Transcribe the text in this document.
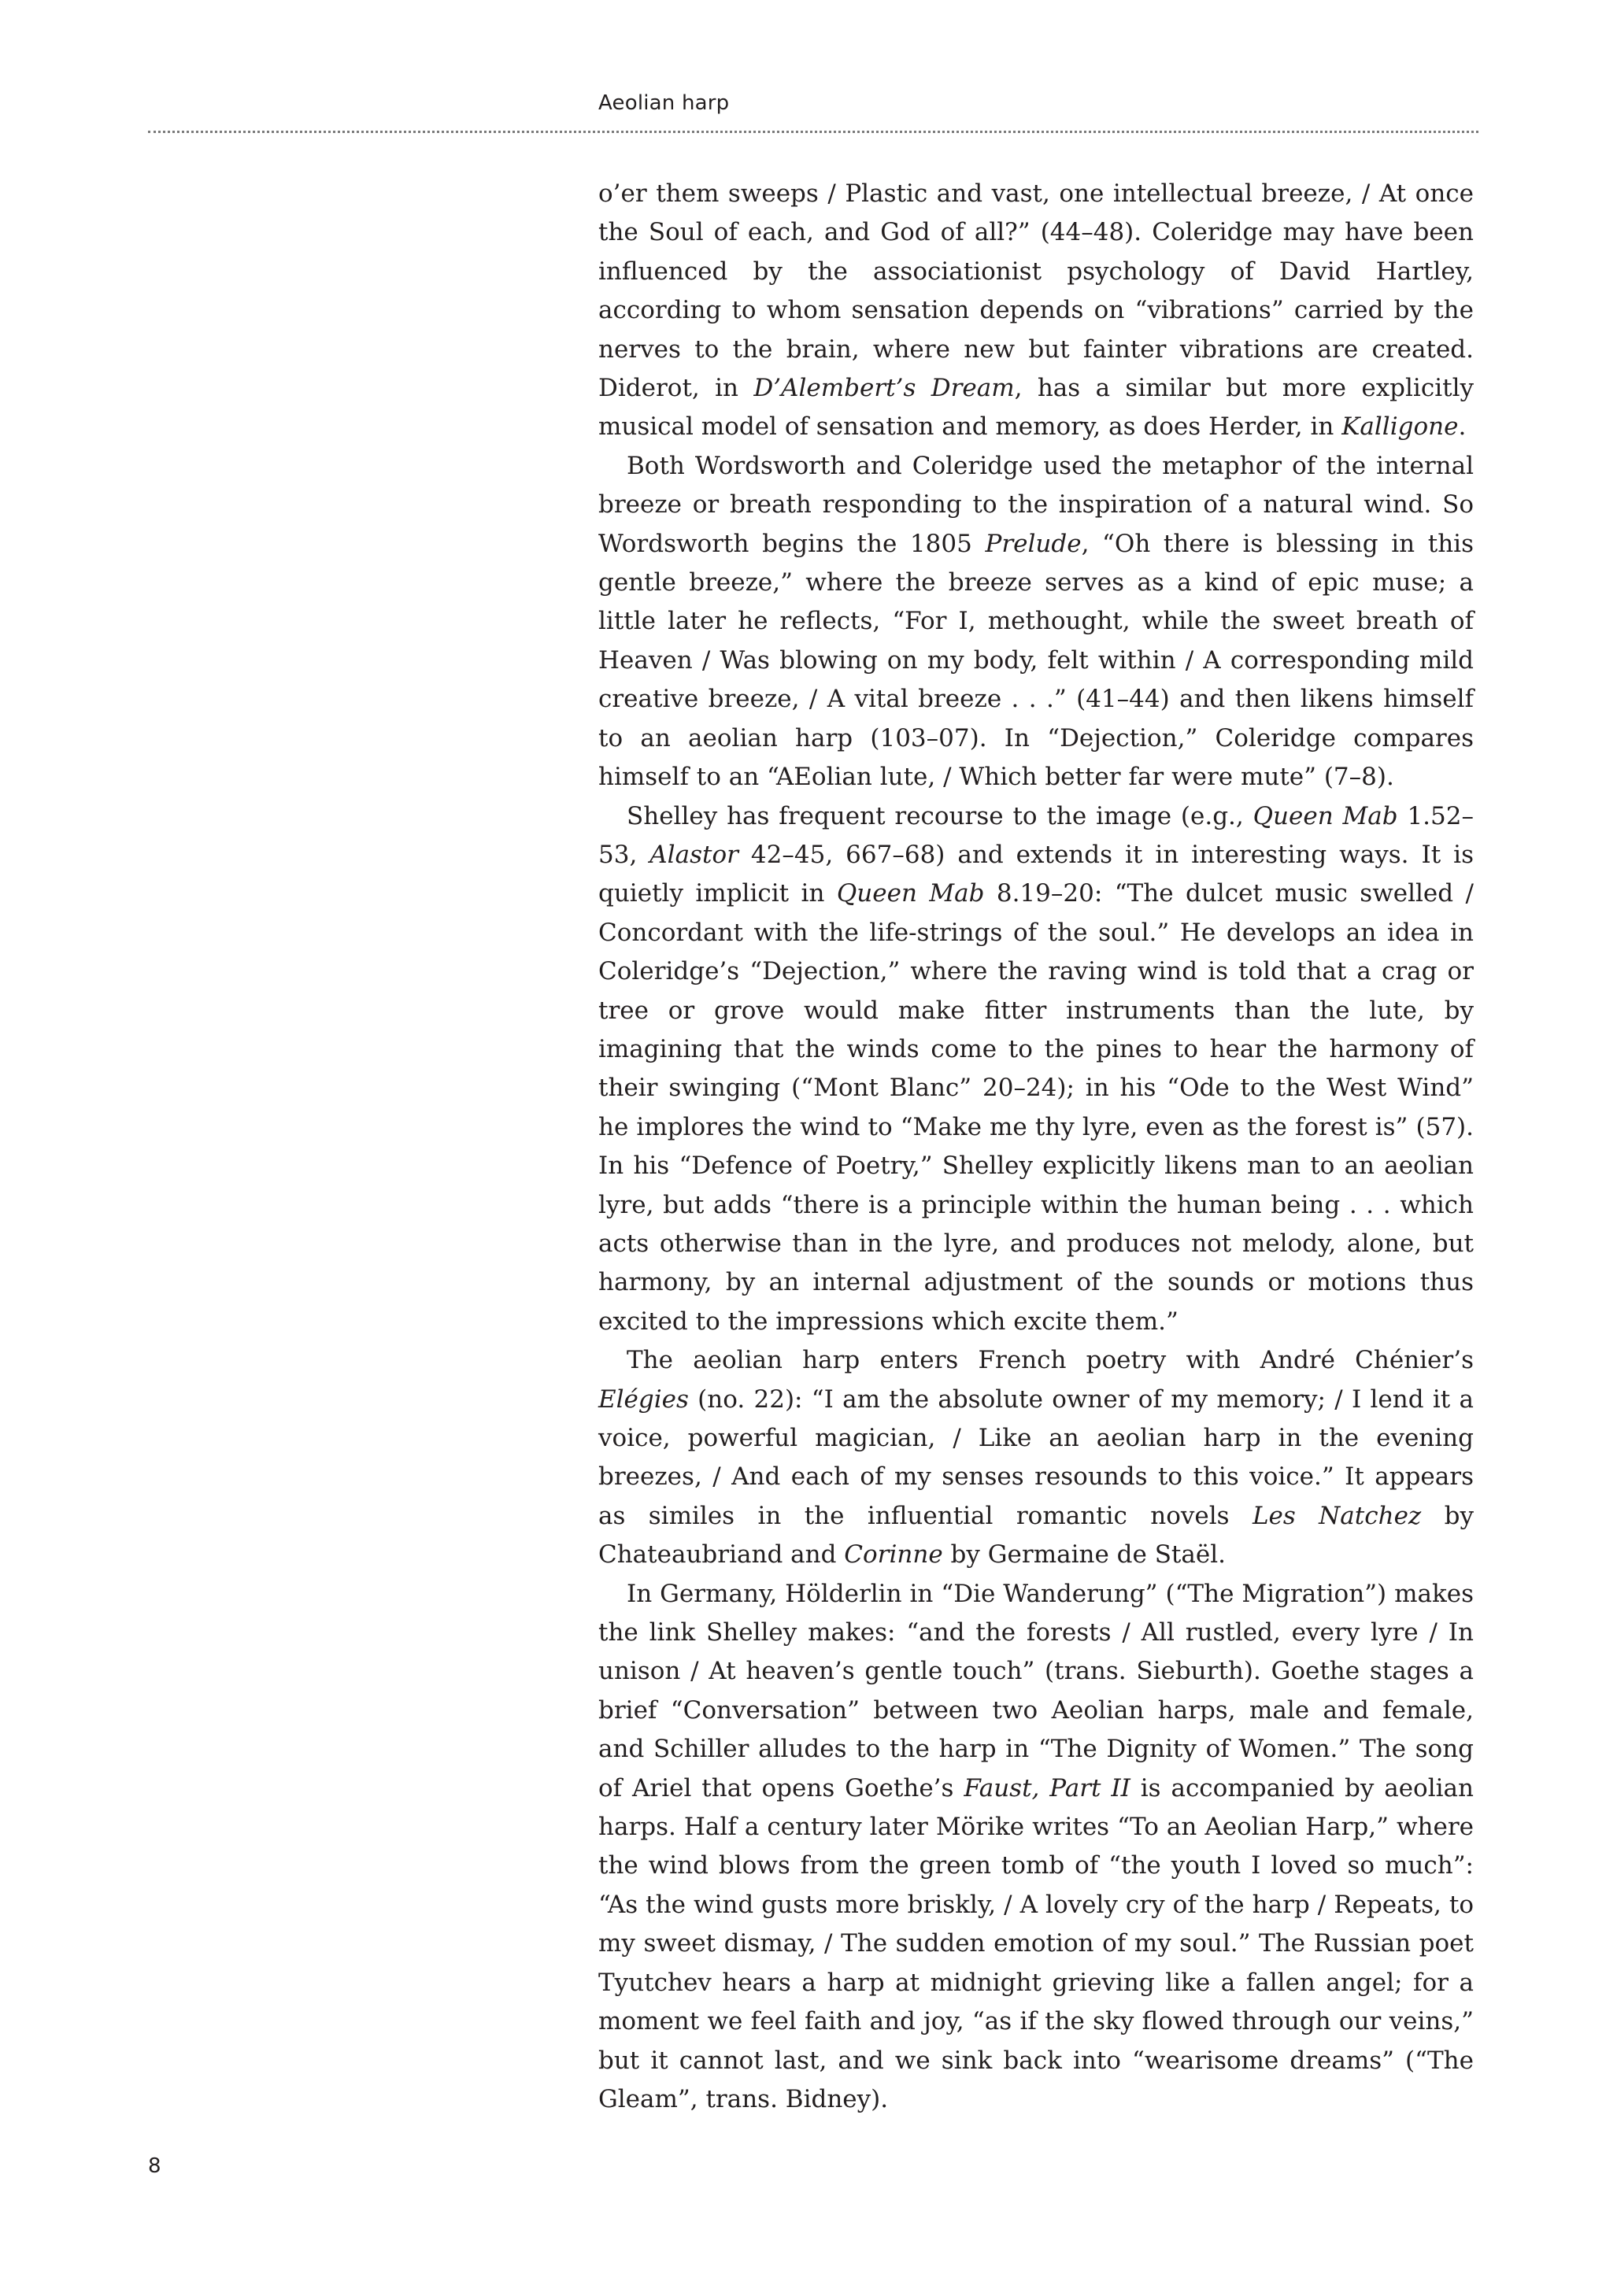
Aeolian harp

o’er them sweeps / Plastic and vast, one intellectual breeze, / At once the Soul of each, and God of all?” (44–48). Coleridge may have been influenced by the associationist psychology of David Hartley, according to whom sensation depends on “vibrations” carried by the nerves to the brain, where new but fainter vibrations are created. Diderot, in D’Alembert’s Dream, has a similar but more explicitly musical model of sensation and memory, as does Herder, in Kalligone.

Both Wordsworth and Coleridge used the metaphor of the internal breeze or breath responding to the inspiration of a natural wind. So Wordsworth begins the 1805 Prelude, “Oh there is blessing in this gentle breeze,” where the breeze serves as a kind of epic muse; a little later he reflects, “For I, methought, while the sweet breath of Heaven / Was blowing on my body, felt within / A corresponding mild creative breeze, / A vital breeze . . .” (41–44) and then likens himself to an aeolian harp (103–07). In “Dejection,” Coleridge compares himself to an “AEolian lute, / Which better far were mute” (7–8).

Shelley has frequent recourse to the image (e.g., Queen Mab 1.52–53, Alastor 42–45, 667–68) and extends it in interesting ways. It is quietly implicit in Queen Mab 8.19–20: “The dulcet music swelled / Concordant with the life-strings of the soul.” He develops an idea in Coleridge’s “Dejection,” where the raving wind is told that a crag or tree or grove would make fitter instruments than the lute, by imagining that the winds come to the pines to hear the harmony of their swinging (“Mont Blanc” 20–24); in his “Ode to the West Wind” he implores the wind to “Make me thy lyre, even as the forest is” (57). In his “Defence of Poetry,” Shelley explicitly likens man to an aeolian lyre, but adds “there is a principle within the human being . . . which acts otherwise than in the lyre, and produces not melody, alone, but harmony, by an internal adjustment of the sounds or motions thus excited to the impressions which excite them.”

The aeolian harp enters French poetry with André Chénier’s Elégies (no. 22): “I am the absolute owner of my memory; / I lend it a voice, powerful magician, / Like an aeolian harp in the evening breezes, / And each of my senses resounds to this voice.” It appears as similes in the influential romantic novels Les Natchez by Chateaubriand and Corinne by Germaine de Staël.

In Germany, Hölderlin in “Die Wanderung” (“The Migration”) makes the link Shelley makes: “and the forests / All rustled, every lyre / In unison / At heaven’s gentle touch” (trans. Sieburth). Goethe stages a brief “Conversation” between two Aeolian harps, male and female, and Schiller alludes to the harp in “The Dignity of Women.” The song of Ariel that opens Goethe’s Faust, Part II is accompanied by aeolian harps. Half a century later Mörike writes “To an Aeolian Harp,” where the wind blows from the green tomb of “the youth I loved so much”: “As the wind gusts more briskly, / A lovely cry of the harp / Repeats, to my sweet dismay, / The sudden emotion of my soul.” The Russian poet Tyutchev hears a harp at midnight grieving like a fallen angel; for a moment we feel faith and joy, “as if the sky flowed through our veins,” but it cannot last, and we sink back into “wearisome dreams” (“The Gleam”, trans. Bidney).

8
